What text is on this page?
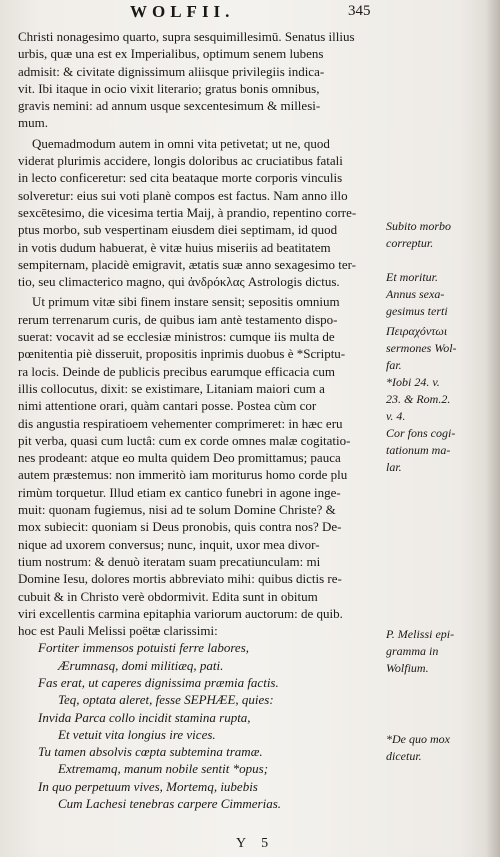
WOLFII.	345
Christi nonagesimo quarto, supra sesquimillesimū. Senatus illius
urbis, quæ una est ex Imperialibus, optimum senem lubens
admisit: & civitate dignissimum aliisque privilegiis indica-
vit. Ibi itaque in ocio vixit literario; gratus bonis omnibus,
gravis nemini: ad annum usque sexcentesimum & millesi-
mum.
Quemadmodum autem in omni vita petivetat; ut ne, quod
viderat plurimis accidere, longis doloribus ac cruciatibus fatali
in lecto conficeretur: sed cita beataque morte corporis vinculis
solveretur: eius sui voti planè compos est factus. Nam anno illo
sexcētesimo, die vicesima tertia Maij, à prandio, repentino corre-
ptus morbo, sub vespertinam eiusdem diei septimam, id quod
in votis dudum habuerat, è vitæ huius miseriis ad beatitatem
sempiternam, placidè emigravit, ætatis suæ anno sexagesimo ter-
tio, seu climacterico magno, qui ἀνδρόκλας Astrologis dictus.
Ut primum vitæ sibi finem instare sensit; sepositis omnium
rerum terrenarum curis, de quibus iam antè testamento dispo-
suerat: vocavit ad se ecclesiæ ministros: cumque iis multa de
pœnitentia piè disseruit, propositis inprimis duobus è *Scriptu-
ra locis. Deinde de publicis precibus earumque efficacia cum
illis collocutus, dixit: se existimare, Litaniam maiori cum a
nimi attentione orari, quàm cantari posse. Postea cùm cor
dis angustia respiratioem vehementer comprimeret: in hæc eru
pit verba, quasi cum luctâ: cum ex corde omnes malæ cogitatio-
nes prodeant: atque eo multa quidem Deo promittamus; pauca
autem præstemus: non immeritò iam moriturus homo corde plu
rimùm torquetur. Illud etiam ex cantico funebri in agone inge-
muit: quonam fugiemus, nisi ad te solum Domine Christe? &
mox subiecit: quoniam si Deus pronobis, quis contra nos? De-
nique ad uxorem conversus; nunc, inquit, uxor mea divor-
tium nostrum: & denuò iteratam suam precatiunculam: mi
Domine Iesu, dolores mortis abbreviato mihi: quibus dictis re-
cubuit & in Christo verè obdormivit. Edita sunt in obitum
viri excellentis carmina epitaphia variorum auctorum: de quib.
hoc est Pauli Melissi poëtæ clarissimi:
Fortiter immensos potuisti ferre labores,
Ærumnasq, domi militiæq, pati.
Fas erat, ut caperes dignissima præmia factis.
Teq, optata aleret, fesse SEPHÆE, quies:
Invida Parca collo incidit stamina rupta,
Et vetuit vita longius ire vices.
Tu tamen absolvis cœpta subtemina tramæ.
Extremamq, manum nobile sentit *opus;
In quo perpetuum vives, Mortemq, iubebis
Cum Lachesi tenebras carpere Cimmerias.
Subito morbo
correptur.
Et moritur.
Annus sexa-
gesimus terti
Πειραχόντωι
sermones Wol-
far.
*Iobi 24. v.
23. & Rom.2.
v. 4.
Cor fons cogi-
tationum ma-
lar.
P. Melissi epi-
gramma in
Wolfium.
*De quo mox
dicetur.
Y 5
